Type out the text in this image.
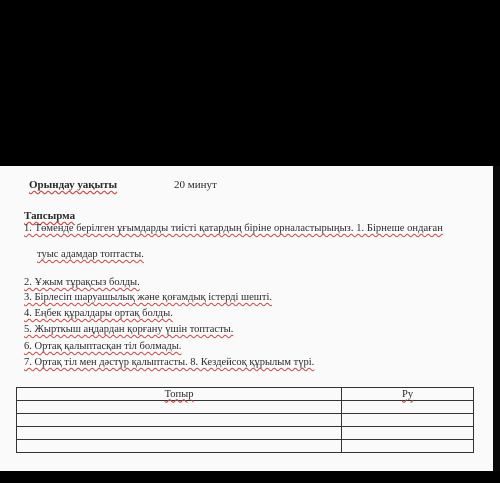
Орындау уақыты	20 минут
Тапсырма
1. Төменде берілген ұғымдарды тиісті қатардың біріне орналастырыңыз. 1. Бірнеше ондаған
туыс адамдар топтасты.
2. Ұжым тұрақсыз болды.
3. Бірлесіп шаруашылық және қоғамдық істерді шешті.
4. Еңбек құралдары ортақ болды.
5. Жырткыш аңдардан қорғану үшін топтасты.
6. Ортақ қалыптасқан тіл болмады.
7. Ортақ тіл мен дәстүр қалыптасты. 8. Кездейсоқ құрылым түрі.
Топыр	Ру
